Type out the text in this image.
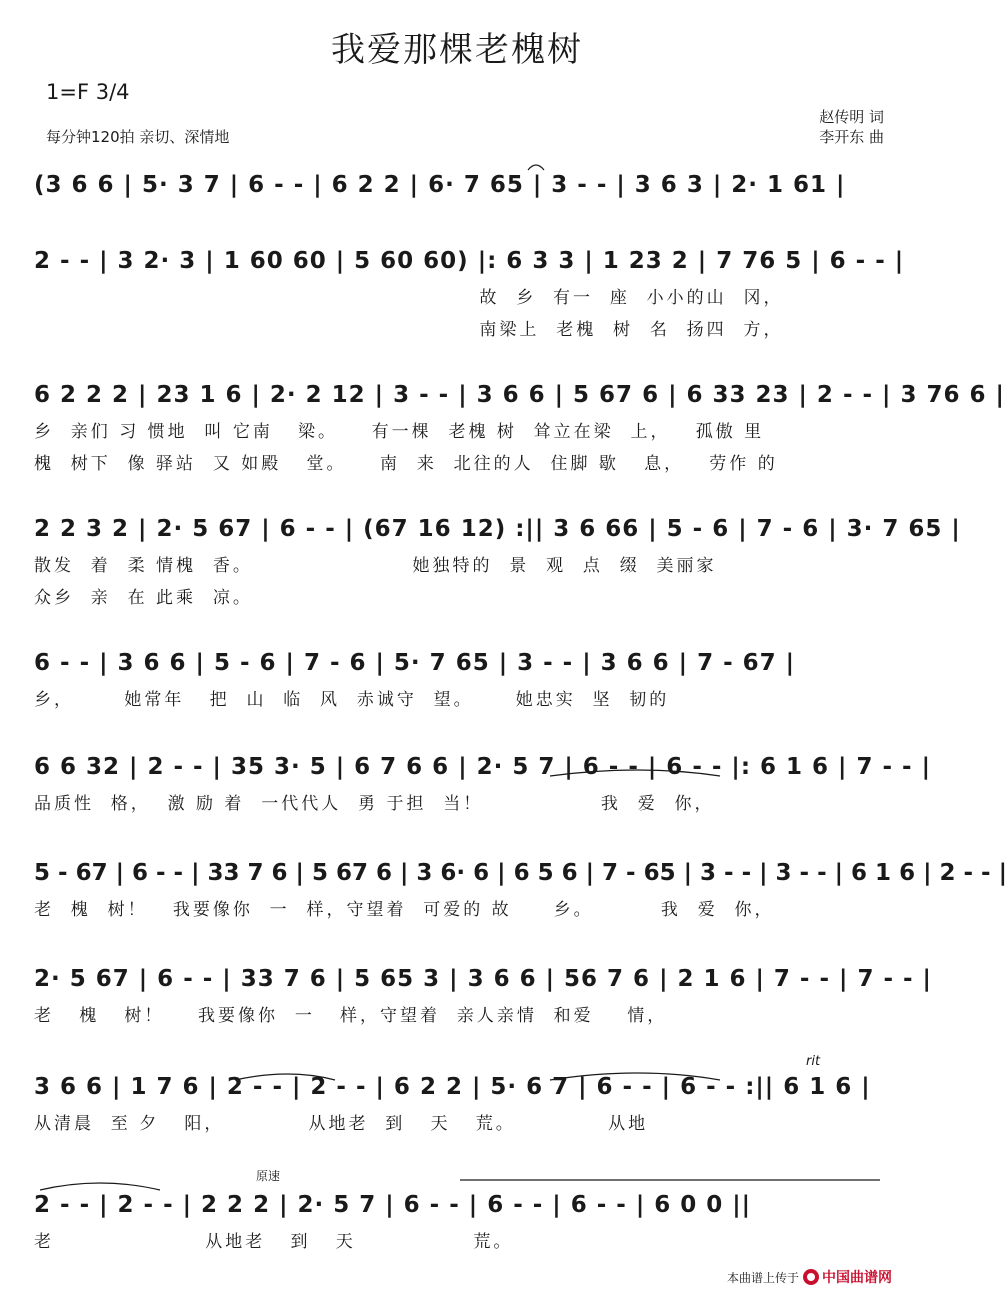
我爱那棵老槐树
1=F 3/4
每分钟120拍 亲切、深情地
赵传明 词
李开东 曲
(3 6 6 | 5· 3 7 | 6 - - | 6 2 2 | 6· 7 65 | 3 - - | 3 6 3 | 2· 1 61 |
2 - - | 3 2· 3 | 1 60 60 | 5 60 60) |: 6 3 3 | 1 23 2 | 7 76 5 | 6 - - |
故  乡  有一  座  小小的山  冈，
南梁上  老槐  树  名  扬四  方，
6 2 2 2 | 23 1 6 | 2· 2 12 | 3 - - | 3 6 6 | 5 67 6 | 6 33 23 | 2 - - | 3 76 6 |
乡  亲们 习 惯地  叫 它南   梁。    有一棵  老槐 树  耸立在梁  上，   孤傲 里
槐  树下  像 驿站  又 如殿   堂。    南  来  北往的人  住脚 歇   息，   劳作 的
2 2 3 2 | 2· 5 67 | 6 - - | (67 16 12) :|| 3 6 66 | 5 - 6 | 7 - 6 | 3· 7 65 |
散发  着  柔 情槐  香。                   她独特的  景  观  点  缀  美丽家
众乡  亲  在 此乘  凉。
6 - - | 3 6 6 | 5 - 6 | 7 - 6 | 5· 7 65 | 3 - - | 3 6 6 | 7 - 67 |
乡，      她常年   把  山  临  风  赤诚守  望。     她忠实  坚  韧的
6 6 32 | 2 - - | 35 3· 5 | 6 7 6 6 | 2· 5 7 | 6 - - | 6 - - |: 6 1 6 | 7 - - |
品质性  格，  激 励 着  一代代人  勇 于担  当！              我  爱  你，
5 - 67 | 6 - - | 33 7 6 | 5 67 6 | 3 6· 6 | 6 5 6 | 7 - 65 | 3 - - | 3 - - | 6 1 6 | 2 - - |
老  槐  树！   我要像你  一  样，守望着  可爱的 故     乡。        我  爱  你，
2· 5 67 | 6 - - | 33 7 6 | 5 65 3 | 3 6 6 | 56 7 6 | 2 1 6 | 7 - - | 7 - - |
老   槐   树！    我要像你  一   样，守望着  亲人亲情  和爱    情，
rit
3 6 6 | 1 7 6 | 2 - - | 2 - - | 6 2 2 | 5· 6 7 | 6 - - | 6 - - :|| 6 1 6 |
从清晨  至 夕   阳，          从地老  到   天   荒。           从地
原速
2 - - | 2 - - | 2 2 2 | 2· 5 7 | 6 - - | 6 - - | 6 - - | 6 0 0 ||
老                  从地老   到   天              荒。
本曲谱上传于 中国曲谱网
